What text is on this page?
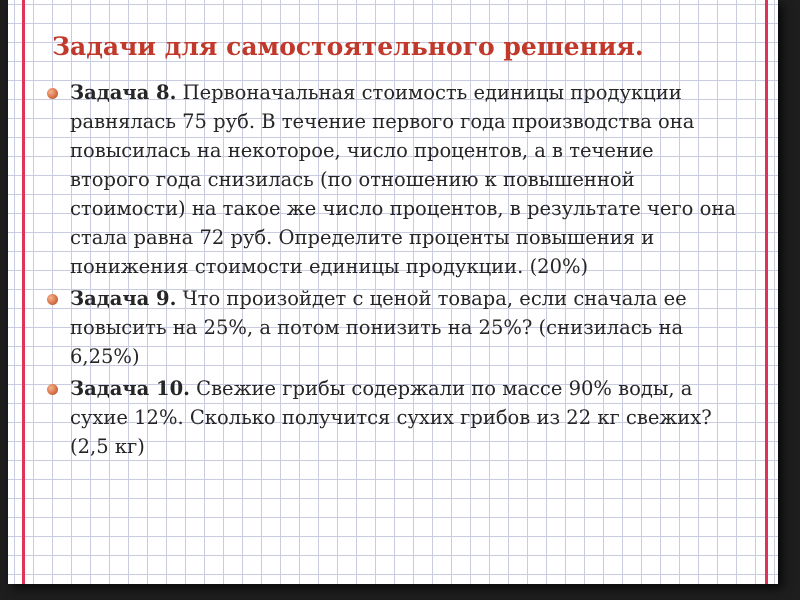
Задачи для самостоятельного решения.
Задача 8. Первоначальная стоимость единицы продукции равнялась 75 руб. В течение первого года производства она повысилась на некоторое, число процентов, а в течение второго года снизилась (по отношению к повышенной стоимости) на такое же число процентов, в результате чего она стала равна 72 руб. Определите проценты повышения и понижения стоимости единицы продукции. (20%)
Задача 9. Что произойдет с ценой товара, если сначала ее повысить на 25%, а потом понизить на 25%? (снизилась на 6,25%)
Задача 10. Свежие грибы содержали по массе 90% воды, а сухие 12%. Сколько получится сухих грибов из 22 кг свежих? (2,5 кг)
